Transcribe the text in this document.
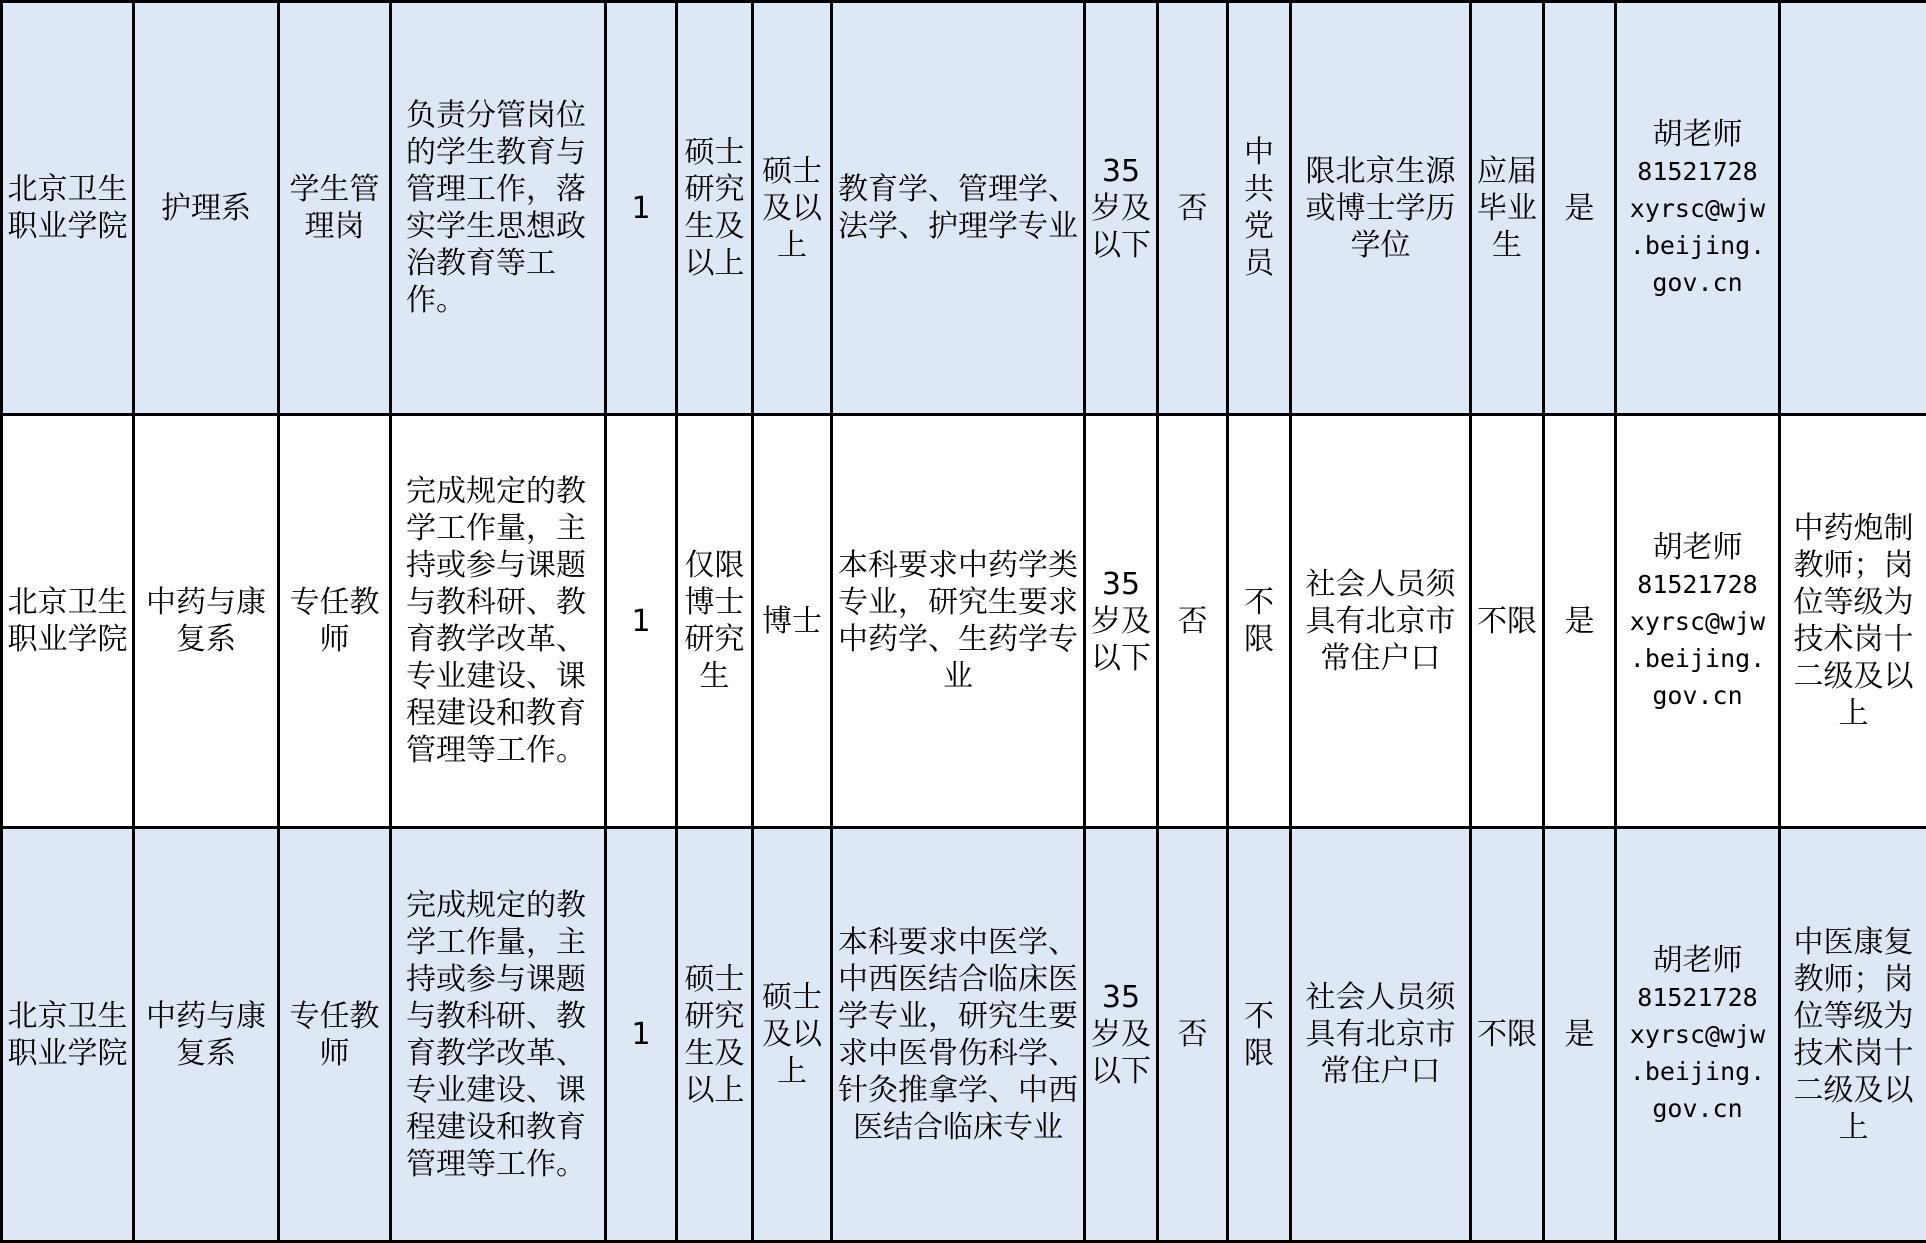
北京卫生职业学院	护理系	学生管理岗	负责分管岗位的学生教育与管理工作，落实学生思想政治教育等工作。	1	硕士研究生及以上	硕士及以上	教育学、管理学、法学、护理学专业	35岁及以下	否	中共党员	限北京生源或博士学历学位	应届毕业生	是	胡老师
81521728
xyrsc@wjw
.beijing.
gov.cn	

北京卫生职业学院	中药与康复系	专任教师	完成规定的教学工作量，主持或参与课题与教科研、教育教学改革、专业建设、课程建设和教育管理等工作。	1	仅限博士研究生	博士	本科要求中药学类专业，研究生要求中药学、生药学专业	35岁及以下	否	不限	社会人员须具有北京市常住户口	不限	是	胡老师
81521728
xyrsc@wjw
.beijing.
gov.cn	中药炮制教师；岗位等级为技术岗十二级及以上
北京卫生职业学院	中药与康复系	专任教师	完成规定的教学工作量，主持或参与课题与教科研、教育教学改革、专业建设、课程建设和教育管理等工作。	1	硕士研究生及以上	硕士及以上	本科要求中医学、中西医结合临床医学专业，研究生要求中医骨伤科学、针灸推拿学、中西医结合临床专业	35岁及以下	否	不限	社会人员须具有北京市常住户口	不限	是	胡老师
81521728
xyrsc@wjw
.beijing.
gov.cn	中医康复教师；岗位等级为技术岗十二级及以上
